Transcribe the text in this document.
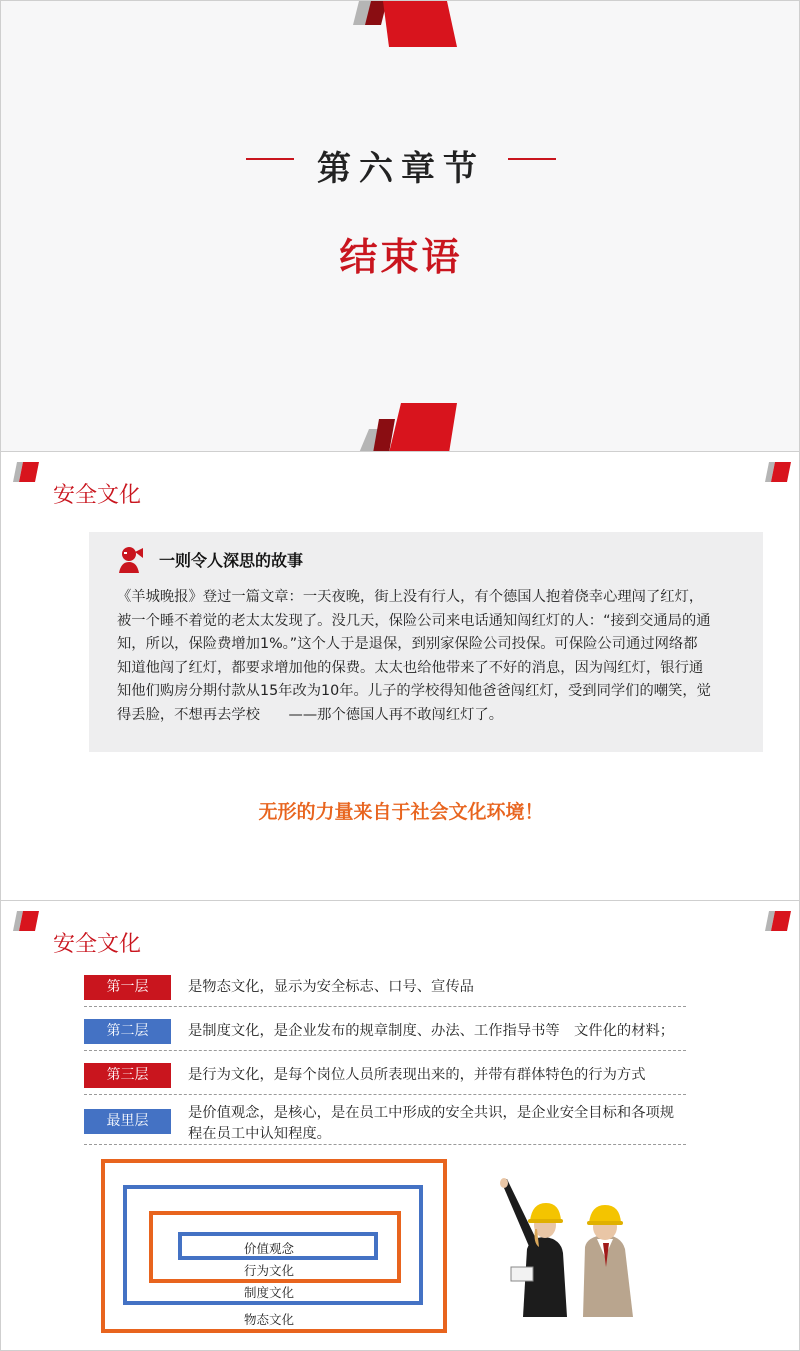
第六章节
结束语
安全文化
一则令人深思的故事
《羊城晚报》登过一篇文章：一天夜晚，街上没有行人，有个德国人抱着侥幸心理闯了红灯，
被一个睡不着觉的老太太发现了。没几天，保险公司来电话通知闯红灯的人：“接到交通局的通
知，所以，保险费增加1%。”这个人于是退保，到别家保险公司投保。可保险公司通过网络都
知道他闯了红灯，都要求增加他的保费。太太也给他带来了不好的消息，因为闯红灯，银行通
知他们购房分期付款从15年改为10年。儿子的学校得知他爸爸闯红灯，受到同学们的嘲笑，觉
得丢脸，不想再去学校　　——那个德国人再不敢闯红灯了。
无形的力量来自于社会文化环境！
安全文化
第一层	是物态文化，显示为安全标志、口号、宣传品
第二层	是制度文化，是企业发布的规章制度、办法、工作指导书等　文件化的材料；
第三层	是行为文化，是每个岗位人员所表现出来的，并带有群体特色的行为方式
最里层	是价值观念，是核心，是在员工中形成的安全共识，是企业安全目标和各项规程在员工中认知程度。
价值观念
行为文化
制度文化
物态文化
